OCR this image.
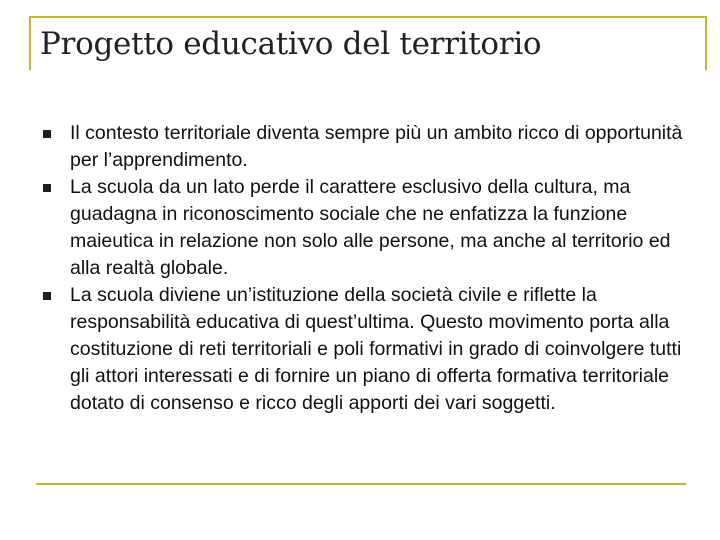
Progetto educativo del territorio
Il contesto territoriale diventa sempre più un ambito ricco di opportunità per l’apprendimento.
La scuola da un lato perde il carattere esclusivo della cultura, ma guadagna in riconoscimento sociale che ne enfatizza la funzione maieutica in relazione non solo alle persone, ma anche al territorio ed alla realtà globale.
La scuola diviene un’istituzione della società civile e riflette la responsabilità educativa di quest’ultima. Questo movimento porta alla costituzione di reti territoriali e poli formativi in grado di coinvolgere tutti gli attori interessati e di fornire un piano di offerta formativa territoriale dotato di consenso e ricco degli apporti dei vari soggetti.
